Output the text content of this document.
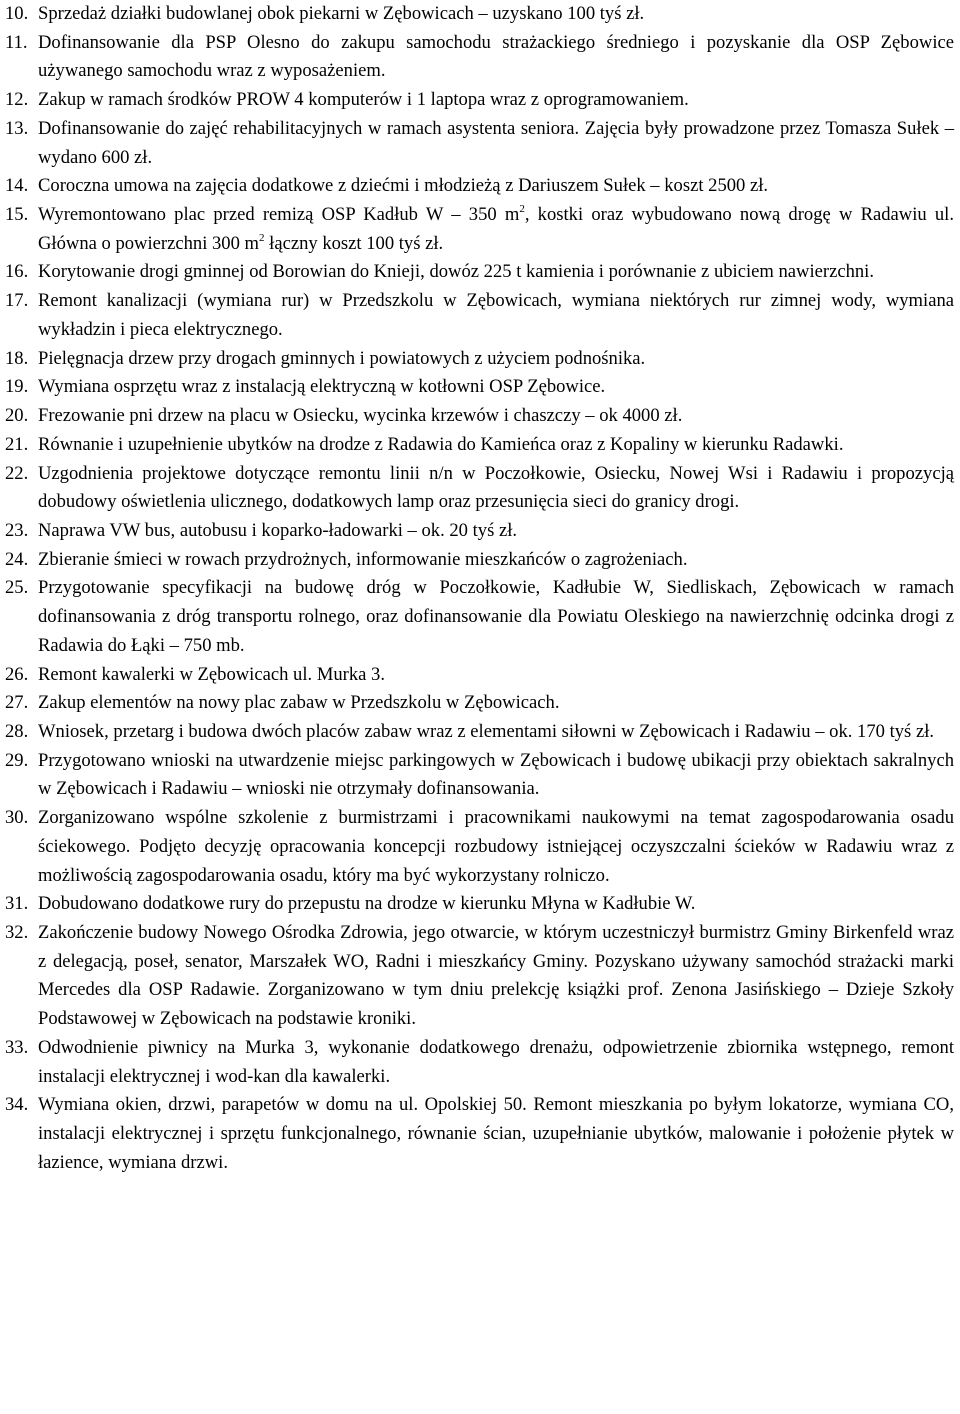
10. Sprzedaż działki budowlanej obok piekarni w Zębowicach – uzyskano 100 tyś zł.
11. Dofinansowanie dla PSP Olesno do zakupu samochodu strażackiego średniego i pozyskanie dla OSP Zębowice używanego samochodu wraz z wyposażeniem.
12. Zakup w ramach środków PROW 4 komputerów i 1 laptopa wraz z oprogramowaniem.
13. Dofinansowanie do zajęć rehabilitacyjnych w ramach asystenta seniora. Zajęcia były prowadzone przez Tomasza Sułek – wydano 600 zł.
14. Coroczna umowa na zajęcia dodatkowe z dziećmi i młodzieżą z Dariuszem Sułek – koszt 2500 zł.
15. Wyremontowano plac przed remizą OSP Kadłub W – 350 $m^2$, kostki oraz wybudowano nową drogę w Radawiu ul. Główna o powierzchni 300 $m^2$ łączny koszt 100 tyś zł.
16. Korytowanie drogi gminnej od Borowian do Knieji, dowóz 225 t kamienia i porównanie z ubiciem nawierzchni.
17. Remont kanalizacji (wymiana rur) w Przedszkolu w Zębowicach, wymiana niektórych rur zimnej wody, wymiana wykładzin i pieca elektrycznego.
18. Pielęgnacja drzew przy drogach gminnych i powiatowych z użyciem podnośnika.
19. Wymiana osprzętu wraz z instalacją elektryczną w kotłowni OSP Zębowice.
20. Frezowanie pni drzew na placu w Osiecku, wycinka krzewów i chaszczy – ok 4000 zł.
21. Równanie i uzupełnienie ubytków na drodze z Radawia do Kamieńca oraz z Kopaliny w kierunku Radawki.
22. Uzgodnienia projektowe dotyczące remontu linii n/n w Poczołkowie, Osiecku, Nowej Wsi i Radawiu i propozycją dobudowy oświetlenia ulicznego, dodatkowych lamp oraz przesunięcia sieci do granicy drogi.
23. Naprawa VW bus, autobusu i koparko-ładowarki – ok. 20 tyś zł.
24. Zbieranie śmieci w rowach przydrożnych, informowanie mieszkańców o zagrożeniach.
25. Przygotowanie specyfikacji na budowę dróg w Poczołkowie, Kadłubie W, Siedliskach, Zębowicach w ramach dofinansowania z dróg transportu rolnego, oraz dofinansowanie dla Powiatu Oleskiego na nawierzchnię odcinka drogi z Radawia do Łąki – 750 mb.
26. Remont kawalerki w Zębowicach ul. Murka 3.
27. Zakup elementów na nowy plac zabaw w Przedszkolu w Zębowicach.
28. Wniosek, przetarg i budowa dwóch placów zabaw wraz z elementami siłowni w Zębowicach i Radawiu – ok. 170 tyś zł.
29. Przygotowano wnioski na utwardzenie miejsc parkingowych w Zębowicach i budowę ubikacji przy obiektach sakralnych w Zębowicach i Radawiu – wnioski nie otrzymały dofinansowania.
30. Zorganizowano wspólne szkolenie z burmistrzami i pracownikami naukowymi na temat zagospodarowania osadu ściekowego. Podjęto decyzję opracowania koncepcji rozbudowy istniejącej oczyszczalni ścieków w Radawiu wraz z możliwością zagospodarowania osadu, który ma być wykorzystany rolniczo.
31. Dobudowano dodatkowe rury do przepustu na drodze w kierunku Młyna w Kadłubie W.
32. Zakończenie budowy Nowego Ośrodka Zdrowia, jego otwarcie, w którym uczestniczył burmistrz Gminy Birkenfeld wraz z delegacją, poseł, senator, Marszałek WO, Radni i mieszkańcy Gminy. Pozyskano używany samochód strażacki marki Mercedes dla OSP Radawie. Zorganizowano w tym dniu prelekcję książki prof. Zenona Jasińskiego – Dzieje Szkoły Podstawowej w Zębowicach na podstawie kroniki.
33. Odwodnienie piwnicy na Murka 3, wykonanie dodatkowego drenażu, odpowietrzenie zbiornika wstępnego, remont instalacji elektrycznej i wod-kan dla kawalerki.
34. Wymiana okien, drzwi, parapetów w domu na ul. Opolskiej 50. Remont mieszkania po byłym lokatorze, wymiana CO, instalacji elektrycznej i sprzętu funkcjonalnego, równanie ścian, uzupełnianie ubytków, malowanie i położenie płytek w łazience, wymiana drzwi.
